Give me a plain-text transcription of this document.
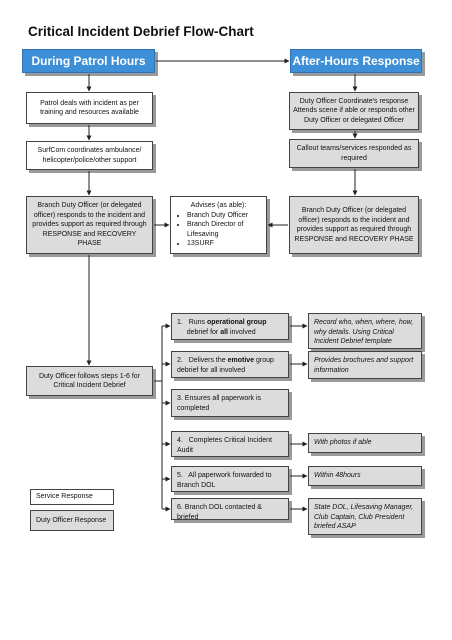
Critical Incident Debrief Flow-Chart
During Patrol Hours	After-Hours Response
Patrol deals with incident as per training and resources available
SurfCom coordinates ambulance/ helicopter/police/other support
Branch Duty Officer (or delegated officer) responds to the incident and provides support as required through RESPONSE and RECOVERY PHASE
Duty Officer follows steps 1-6 for Critical Incident Debrief
Advises (as able):
• Branch Duty Officer
• Branch Director of Lifesaving
• 13SURF
Duty Officer Coordinate's response Attends scene if able or responds other Duty Officer or delegated Officer
Callout teams/services responded as required
Branch Duty Officer (or delegated officer) responds to the incident and provides support as required through RESPONSE and RECOVERY PHASE
1. Runs operational group
debrief for all involved
2. Delivers the emotive group debrief for all involved
3. Ensures all paperwork is completed
4. Completes Critical Incident Audit
5. All paperwork forwarded to Branch DOL
6. Branch DOL contacted & briefed
Record who, when, where, how, why details. Using Critical Incident Debrief template
Provides brochures and support information
With photos if able
Within 48hours
State DOL, Lifesaving Manager, Club Captain, Club President briefed ASAP
Service Response
Duty Officer Response
